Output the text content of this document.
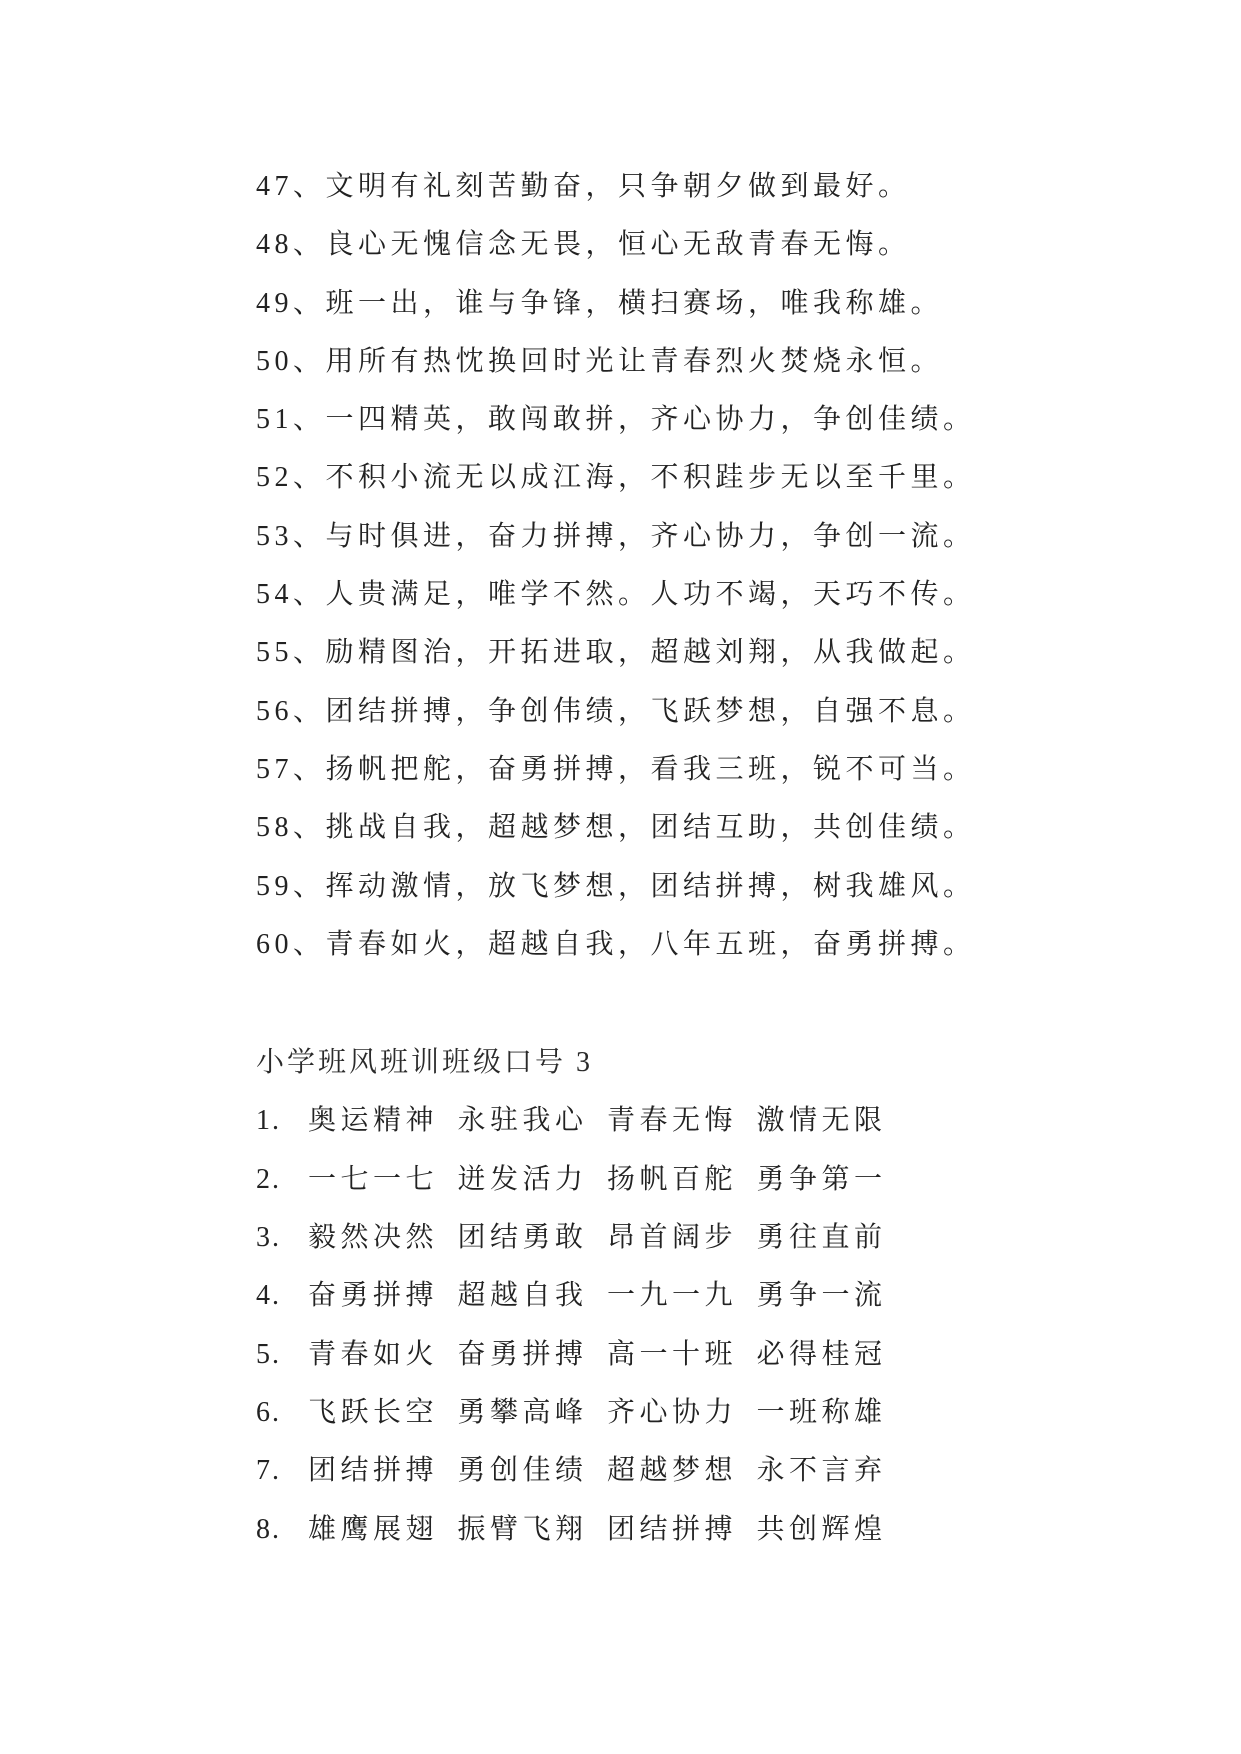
47、文明有礼刻苦勤奋，只争朝夕做到最好。

48、良心无愧信念无畏，恒心无敌青春无悔。

49、班一出，谁与争锋，横扫赛场，唯我称雄。

50、用所有热忱换回时光让青春烈火焚烧永恒。

51、一四精英，敢闯敢拼，齐心协力，争创佳绩。

52、不积小流无以成江海，不积跬步无以至千里。

53、与时俱进，奋力拼搏，齐心协力，争创一流。

54、人贵满足，唯学不然。人功不竭，天巧不传。

55、励精图治，开拓进取，超越刘翔，从我做起。

56、团结拼搏，争创伟绩，飞跃梦想，自强不息。

57、扬帆把舵，奋勇拼搏，看我三班，锐不可当。

58、挑战自我，超越梦想，团结互助，共创佳绩。

59、挥动激情，放飞梦想，团结拼搏，树我雄风。

60、青春如火，超越自我，八年五班，奋勇拼搏。

小学班风班训班级口号 3

1. 奥运精神 永驻我心 青春无悔 激情无限

2. 一七一七 迸发活力 扬帆百舵 勇争第一

3. 毅然决然 团结勇敢 昂首阔步 勇往直前

4. 奋勇拼搏 超越自我 一九一九 勇争一流

5. 青春如火 奋勇拼搏 高一十班 必得桂冠

6. 飞跃长空 勇攀高峰 齐心协力 一班称雄

7. 团结拼搏 勇创佳绩 超越梦想 永不言弃

8. 雄鹰展翅 振臂飞翔 团结拼搏 共创辉煌
